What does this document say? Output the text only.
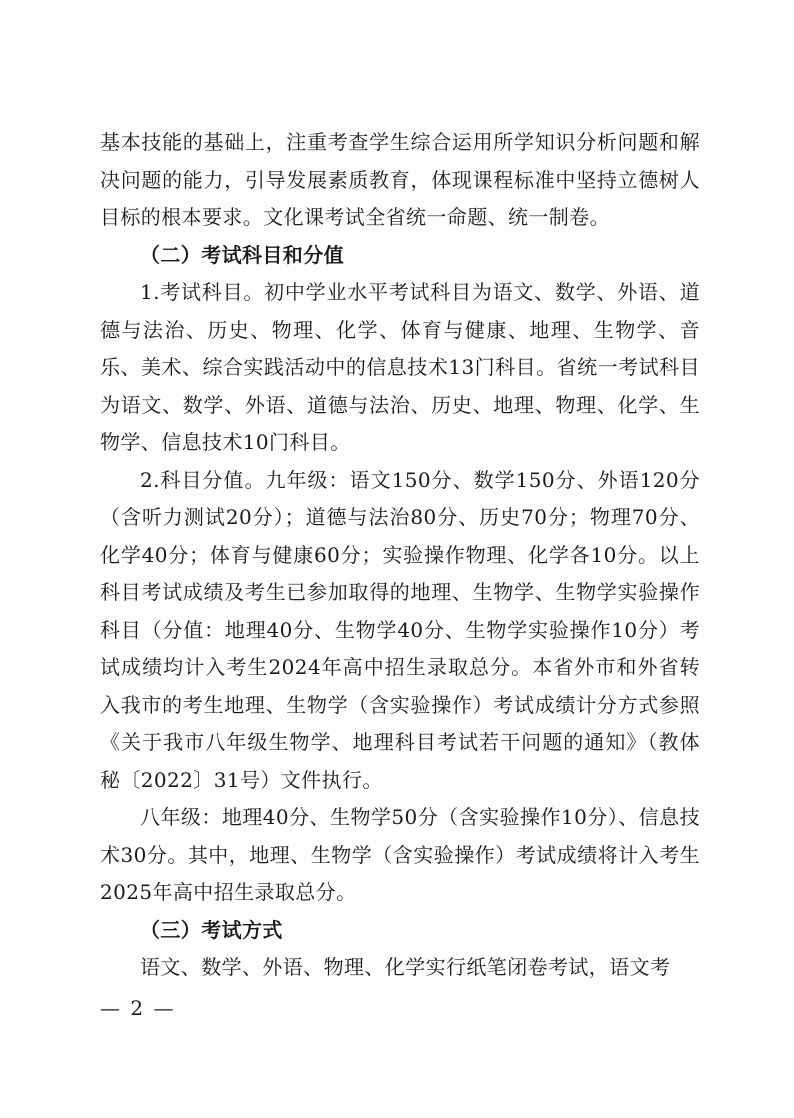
基本技能的基础上，注重考查学生综合运用所学知识分析问题和解决问题的能力，引导发展素质教育，体现课程标准中坚持立德树人目标的根本要求。文化课考试全省统一命题、统一制卷。

（二）考试科目和分值

1.考试科目。初中学业水平考试科目为语文、数学、外语、道德与法治、历史、物理、化学、体育与健康、地理、生物学、音乐、美术、综合实践活动中的信息技术13门科目。省统一考试科目为语文、数学、外语、道德与法治、历史、地理、物理、化学、生物学、信息技术10门科目。

2.科目分值。九年级：语文150分、数学150分、外语120分（含听力测试20分）；道德与法治80分、历史70分；物理70分、化学40分；体育与健康60分；实验操作物理、化学各10分。以上科目考试成绩及考生已参加取得的地理、生物学、生物学实验操作科目（分值：地理40分、生物学40分、生物学实验操作10分）考试成绩均计入考生2024年高中招生录取总分。本省外市和外省转入我市的考生地理、生物学（含实验操作）考试成绩计分方式参照《关于我市八年级生物学、地理科目考试若干问题的通知》（教体秘〔2022〕31号）文件执行。

八年级：地理40分、生物学50分（含实验操作10分）、信息技术30分。其中，地理、生物学（含实验操作）考试成绩将计入考生2025年高中招生录取总分。

（三）考试方式

语文、数学、外语、物理、化学实行纸笔闭卷考试，语文考

— 2 —
